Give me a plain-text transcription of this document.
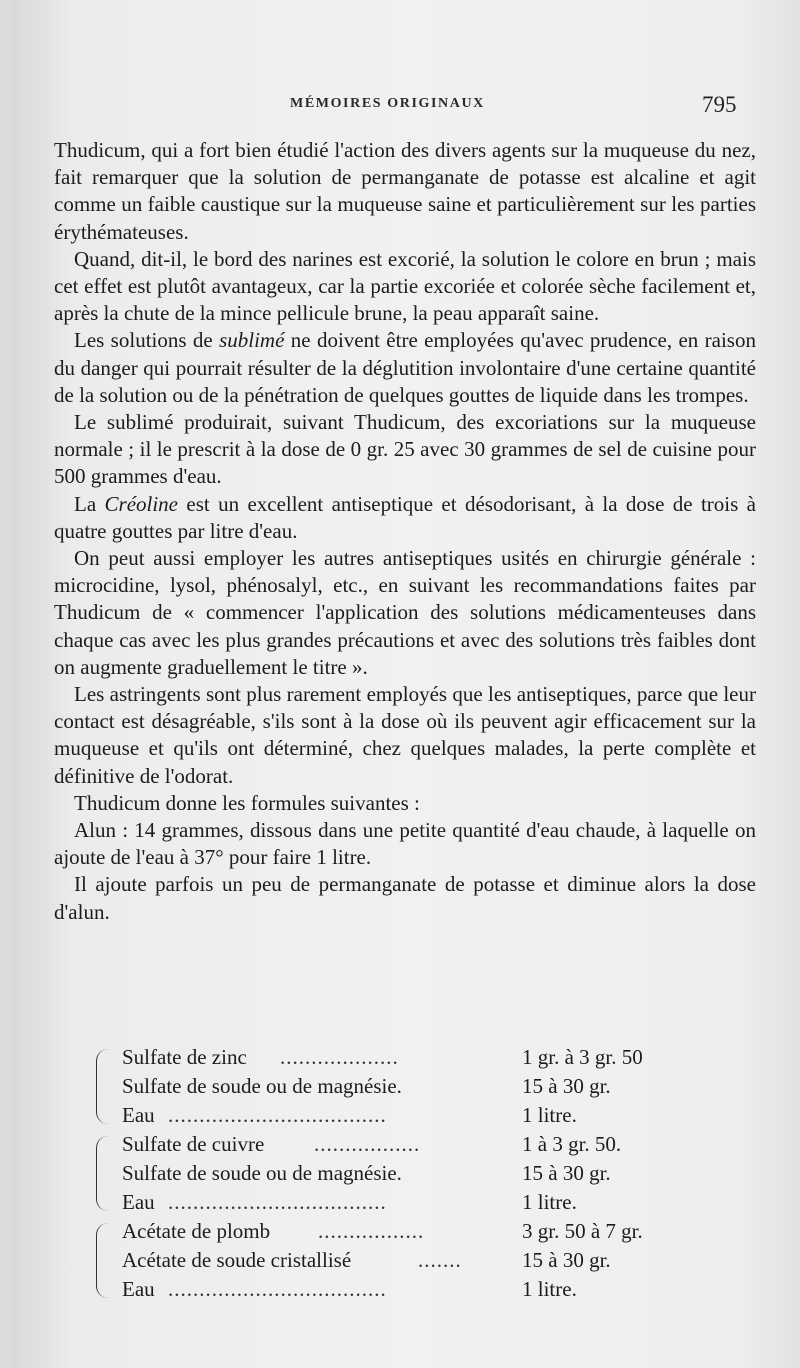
MÉMOIRES ORIGINAUX	795

Thudicum, qui a fort bien étudié l'action des divers agents sur la muqueuse du nez, fait remarquer que la solution de permanganate de potasse est alcaline et agit comme un faible caustique sur la muqueuse saine et particulièrement sur les parties érythémateuses.

Quand, dit-il, le bord des narines est excorié, la solution le colore en brun ; mais cet effet est plutôt avantageux, car la partie excoriée et colorée sèche facilement et, après la chute de la mince pellicule brune, la peau apparaît saine.

Les solutions de sublimé ne doivent être employées qu'avec prudence, en raison du danger qui pourrait résulter de la déglutition involontaire d'une certaine quantité de la solution ou de la pénétration de quelques gouttes de liquide dans les trompes.

Le sublimé produirait, suivant Thudicum, des excoriations sur la muqueuse normale ; il le prescrit à la dose de 0 gr. 25 avec 30 grammes de sel de cuisine pour 500 grammes d'eau.

La Créoline est un excellent antiseptique et désodorisant, à la dose de trois à quatre gouttes par litre d'eau.

On peut aussi employer les autres antiseptiques usités en chirurgie générale : microcidine, lysol, phénosalyl, etc., en suivant les recommandations faites par Thudicum de « commencer l'application des solutions médicamenteuses dans chaque cas avec les plus grandes précautions et avec des solutions très faibles dont on augmente graduellement le titre ».

Les astringents sont plus rarement employés que les antiseptiques, parce que leur contact est désagréable, s'ils sont à la dose où ils peuvent agir efficacement sur la muqueuse et qu'ils ont déterminé, chez quelques malades, la perte complète et définitive de l'odorat.

Thudicum donne les formules suivantes :

Alun : 14 grammes, dissous dans une petite quantité d'eau chaude, à laquelle on ajoute de l'eau à 37° pour faire 1 litre.

Il ajoute parfois un peu de permanganate de potasse et diminue alors la dose d'alun.

Sulfate de zinc ...................	1 gr. à 3 gr. 50
Sulfate de soude ou de magnésie.	15 à 30 gr.
Eau ...................................	1 litre.
Sulfate de cuivre .................	1 à 3 gr. 50.
Sulfate de soude ou de magnésie.	15 à 30 gr.
Eau ...................................	1 litre.
Acétate de plomb .................	3 gr. 50 à 7 gr.
Acétate de soude cristallisé	.......	15 à 30 gr.
Eau ...................................	1 litre.
